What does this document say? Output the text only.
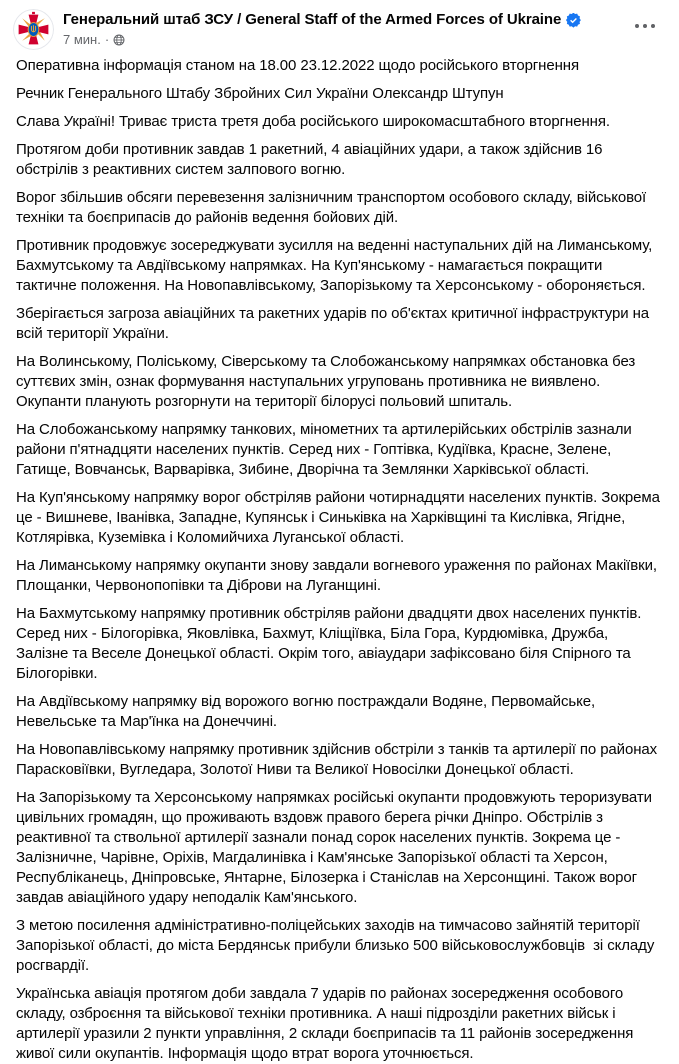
Генеральний штаб ЗСУ / General Staff of the Armed Forces of Ukraine
7 мин. ·

Оперативна інформація станом на 18.00 23.12.2022 щодо російського вторгнення

Речник Генерального Штабу Збройних Сил України Олександр Штупун

Слава Україні! Триває триста третя доба російського широкомасштабного вторгнення.

Протягом доби противник завдав 1 ракетний, 4 авіаційних удари, а також здійснив 16 обстрілів з реактивних систем залпового вогню.

Ворог збільшив обсяги перевезення залізничним транспортом особового складу, військової техніки та боєприпасів до районів ведення бойових дій.

Противник продовжує зосереджувати зусилля на веденні наступальних дій на Лиманському, Бахмутському та Авдіївському напрямках. На Куп'янському - намагається покращити тактичне положення. На Новопавлівському, Запорізькому та Херсонському - обороняється.

Зберігається загроза авіаційних та ракетних ударів по об'єктах критичної інфраструктури на всій території України.

На Волинському, Поліському, Сіверському та Слобожанському напрямках обстановка без суттєвих змін, ознак формування наступальних угруповань противника не виявлено. Окупанти планують розгорнути на території білорусі польовий шпиталь.

На Слобожанському напрямку танкових, мінометних та артилерійських обстрілів зазнали райони п'ятнадцяти населених пунктів. Серед них - Гоптівка, Кудіївка, Красне, Зелене, Гатище, Вовчанськ, Варварівка, Зибине, Дворічна та Землянки Харківської області.

На Куп'янському напрямку ворог обстріляв райони чотирнадцяти населених пунктів. Зокрема це - Вишневе, Іванівка, Западне, Купянськ і Синьківка на Харківщині та Кислівка, Ягідне, Котлярівка, Куземівка і Коломийчиха Луганської області.

На Лиманському напрямку окупанти знову завдали вогневого ураження по районах Макіївки, Площанки, Червонопопівки та Діброви на Луганщині.

На Бахмутському напрямку противник обстріляв райони двадцяти двох населених пунктів. Серед них - Білогорівка, Яковлівка, Бахмут, Кліщіївка, Біла Гора, Курдюмівка, Дружба, Залізне та Веселе Донецької області. Окрім того, авіаудари зафіксовано біля Спірного та Білогорівки.

На Авдіївському напрямку від ворожого вогню постраждали Водяне, Первомайське, Невельське та Мар'їнка на Донеччині.

На Новопавлівському напрямку противник здійснив обстріли з танків та артилерії по районах Парасковіївки, Вугледара, Золотої Ниви та Великої Новосілки Донецької області.

На Запорізькому та Херсонському напрямках російські окупанти продовжують тероризувати цивільних громадян, що проживають вздовж правого берега річки Дніпро. Обстрілів з реактивної та ствольної артилерії зазнали понад сорок населених пунктів. Зокрема це - Залізничне, Чарівне, Оріхів, Магдалинівка і Кам'янське Запорізької області та Херсон, Республіканець, Дніпровське, Янтарне, Білозерка і Станіслав на Херсонщині. Також ворог завдав авіаційного удару неподалік Кам'янського.

З метою посилення адміністративно-поліцейських заходів на тимчасово зайнятій території Запорізької області, до міста Бердянськ прибули близько 500 військовослужбовців  зі складу росгвардії.

Українська авіація протягом доби завдала 7 ударів по районах зосередження особового складу, озброєння та військової техніки противника. А наші підрозділи ракетних військ і артилерії уразили 2 пункти управління, 2 склади боєприпасів та 11 районів зосередження живої сили окупантів. Інформація щодо втрат ворога уточнюється.
